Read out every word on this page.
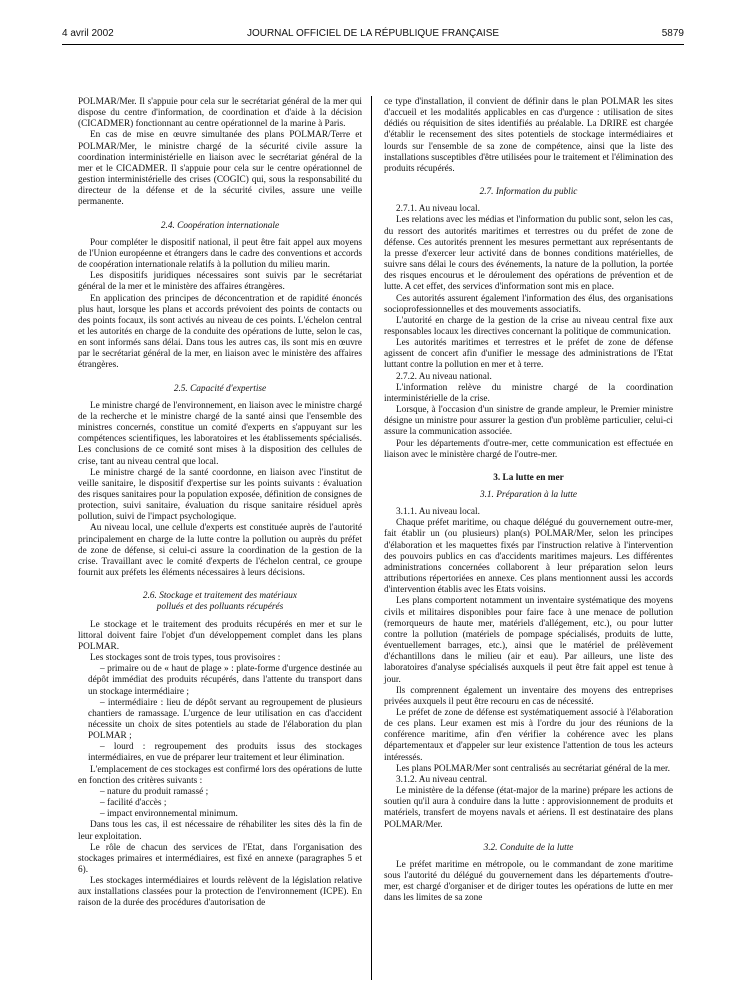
4 avril 2002	JOURNAL OFFICIEL DE LA RÉPUBLIQUE FRANÇAISE	5879

POLMAR/Mer. Il s'appuie pour cela sur le secrétariat général de la mer qui dispose du centre d'information, de coordination et d'aide à la décision (CICADMER) fonctionnant au centre opérationnel de la marine à Paris.

En cas de mise en œuvre simultanée des plans POLMAR/Terre et POLMAR/Mer, le ministre chargé de la sécurité civile assure la coordination interministérielle en liaison avec le secrétariat général de la mer et le CICADMER. Il s'appuie pour cela sur le centre opérationnel de gestion interministérielle des crises (COGIC) qui, sous la responsabilité du directeur de la défense et de la sécurité civiles, assure une veille permanente.

2.4. Coopération internationale

Pour compléter le dispositif national, il peut être fait appel aux moyens de l'Union européenne et étrangers dans le cadre des conventions et accords de coopération internationale relatifs à la pollution du milieu marin.

Les dispositifs juridiques nécessaires sont suivis par le secrétariat général de la mer et le ministère des affaires étrangères.

En application des principes de déconcentration et de rapidité énoncés plus haut, lorsque les plans et accords prévoient des points de contacts ou des points focaux, ils sont activés au niveau de ces points. L'échelon central et les autorités en charge de la conduite des opérations de lutte, selon le cas, en sont informés sans délai. Dans tous les autres cas, ils sont mis en œuvre par le secrétariat général de la mer, en liaison avec le ministère des affaires étrangères.

2.5. Capacité d'expertise

Le ministre chargé de l'environnement, en liaison avec le ministre chargé de la recherche et le ministre chargé de la santé ainsi que l'ensemble des ministres concernés, constitue un comité d'experts en s'appuyant sur les compétences scientifiques, les laboratoires et les établissements spécialisés. Les conclusions de ce comité sont mises à la disposition des cellules de crise, tant au niveau central que local.

Le ministre chargé de la santé coordonne, en liaison avec l'institut de veille sanitaire, le dispositif d'expertise sur les points suivants : évaluation des risques sanitaires pour la population exposée, définition de consignes de protection, suivi sanitaire, évaluation du risque sanitaire résiduel après pollution, suivi de l'impact psychologique.

Au niveau local, une cellule d'experts est constituée auprès de l'autorité principalement en charge de la lutte contre la pollution ou auprès du préfet de zone de défense, si celui-ci assure la coordination de la gestion de la crise. Travaillant avec le comité d'experts de l'échelon central, ce groupe fournit aux préfets les éléments nécessaires à leurs décisions.

2.6. Stockage et traitement des matériaux
pollués et des polluants récupérés

Le stockage et le traitement des produits récupérés en mer et sur le littoral doivent faire l'objet d'un développement complet dans les plans POLMAR.

Les stockages sont de trois types, tous provisoires :

– primaire ou de « haut de plage » : plate-forme d'urgence destinée au dépôt immédiat des produits récupérés, dans l'attente du transport dans un stockage intermédiaire ;

– intermédiaire : lieu de dépôt servant au regroupement de plusieurs chantiers de ramassage. L'urgence de leur utilisation en cas d'accident nécessite un choix de sites potentiels au stade de l'élaboration du plan POLMAR ;

– lourd : regroupement des produits issus des stockages intermédiaires, en vue de préparer leur traitement et leur élimination.

L'emplacement de ces stockages est confirmé lors des opérations de lutte en fonction des critères suivants :

– nature du produit ramassé ;

– facilité d'accès ;

– impact environnemental minimum.

Dans tous les cas, il est nécessaire de réhabiliter les sites dès la fin de leur exploitation.

Le rôle de chacun des services de l'Etat, dans l'organisation des stockages primaires et intermédiaires, est fixé en annexe (paragraphes 5 et 6).

Les stockages intermédiaires et lourds relèvent de la législation relative aux installations classées pour la protection de l'environnement (ICPE). En raison de la durée des procédures d'autorisation de

ce type d'installation, il convient de définir dans le plan POLMAR les sites d'accueil et les modalités applicables en cas d'urgence : utilisation de sites dédiés ou réquisition de sites identifiés au préalable. La DRIRE est chargée d'établir le recensement des sites potentiels de stockage intermédiaires et lourds sur l'ensemble de sa zone de compétence, ainsi que la liste des installations susceptibles d'être utilisées pour le traitement et l'élimination des produits récupérés.

2.7. Information du public

2.7.1. Au niveau local.

Les relations avec les médias et l'information du public sont, selon les cas, du ressort des autorités maritimes et terrestres ou du préfet de zone de défense. Ces autorités prennent les mesures permettant aux représentants de la presse d'exercer leur activité dans de bonnes conditions matérielles, de suivre sans délai le cours des événements, la nature de la pollution, la portée des risques encourus et le déroulement des opérations de prévention et de lutte. A cet effet, des services d'information sont mis en place.

Ces autorités assurent également l'information des élus, des organisations socioprofessionnelles et des mouvements associatifs.

L'autorité en charge de la gestion de la crise au niveau central fixe aux responsables locaux les directives concernant la politique de communication.

Les autorités maritimes et terrestres et le préfet de zone de défense agissent de concert afin d'unifier le message des administrations de l'Etat luttant contre la pollution en mer et à terre.

2.7.2. Au niveau national.

L'information relève du ministre chargé de la coordination interministérielle de la crise.

Lorsque, à l'occasion d'un sinistre de grande ampleur, le Premier ministre désigne un ministre pour assurer la gestion d'un problème particulier, celui-ci assure la communication associée.

Pour les départements d'outre-mer, cette communication est effectuée en liaison avec le ministère chargé de l'outre-mer.

3. La lutte en mer
3.1. Préparation à la lutte

3.1.1. Au niveau local.

Chaque préfet maritime, ou chaque délégué du gouvernement outre-mer, fait établir un (ou plusieurs) plan(s) POLMAR/Mer, selon les principes d'élaboration et les maquettes fixés par l'instruction relative à l'intervention des pouvoirs publics en cas d'accidents maritimes majeurs. Les différentes administrations concernées collaborent à leur préparation selon leurs attributions répertoriées en annexe. Ces plans mentionnent aussi les accords d'intervention établis avec les Etats voisins.

Les plans comportent notamment un inventaire systématique des moyens civils et militaires disponibles pour faire face à une menace de pollution (remorqueurs de haute mer, matériels d'allégement, etc.), ou pour lutter contre la pollution (matériels de pompage spécialisés, produits de lutte, éventuellement barrages, etc.), ainsi que le matériel de prélèvement d'échantillons dans le milieu (air et eau). Par ailleurs, une liste des laboratoires d'analyse spécialisés auxquels il peut être fait appel est tenue à jour.

Ils comprennent également un inventaire des moyens des entreprises privées auxquels il peut être recouru en cas de nécessité.

Le préfet de zone de défense est systématiquement associé à l'élaboration de ces plans. Leur examen est mis à l'ordre du jour des réunions de la conférence maritime, afin d'en vérifier la cohérence avec les plans départementaux et d'appeler sur leur existence l'attention de tous les acteurs intéressés.

Les plans POLMAR/Mer sont centralisés au secrétariat général de la mer.

3.1.2. Au niveau central.

Le ministère de la défense (état-major de la marine) prépare les actions de soutien qu'il aura à conduire dans la lutte : approvisionnement de produits et matériels, transfert de moyens navals et aériens. Il est destinataire des plans POLMAR/Mer.

3.2. Conduite de la lutte

Le préfet maritime en métropole, ou le commandant de zone maritime sous l'autorité du délégué du gouvernement dans les départements d'outre-mer, est chargé d'organiser et de diriger toutes les opérations de lutte en mer dans les limites de sa zone
